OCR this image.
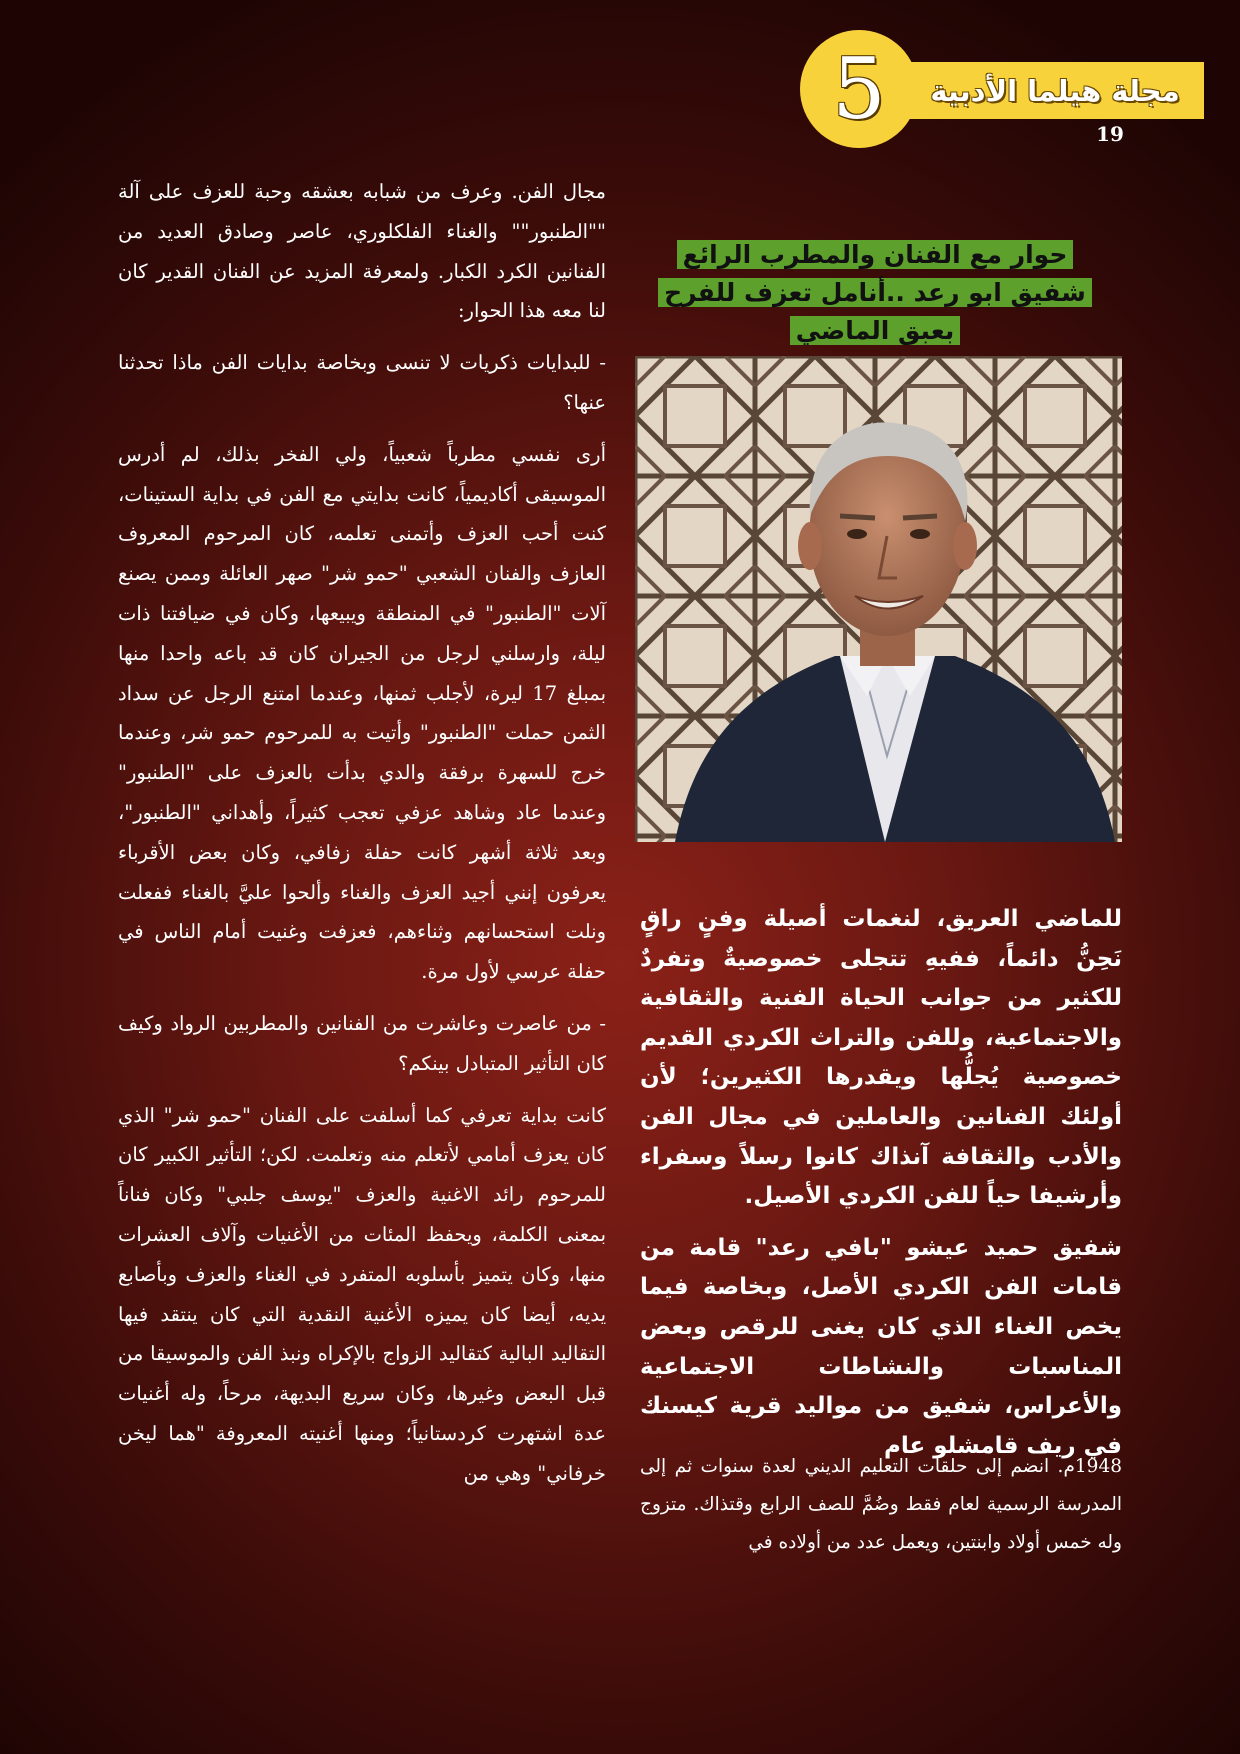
مجلة هيلما الأدبية
5	19
حوار مع الفنان والمطرب الرائع
شفيق ابو رعد ..أنامل تعزف للفرح
بعبق الماضي

مجال الفن. وعرف من شبابه بعشقه وحبة للعزف على آلة ""الطنبور"" والغناء الفلكلوري، عاصر وصادق العديد من الفنانين الكرد الكبار. ولمعرفة المزيد عن الفنان القدير كان لنا معه هذا الحوار:

- للبدايات ذكريات لا تنسى وبخاصة بدايات الفن ماذا تحدثنا عنها؟

أرى نفسي مطرباً شعبياً، ولي الفخر بذلك، لم أدرس الموسيقى أكاديمياً، كانت بدايتي مع الفن في بداية الستينات، كنت أحب العزف وأتمنى تعلمه، كان المرحوم المعروف العازف والفنان الشعبي "حمو شر" صهر العائلة وممن يصنع آلات "الطنبور" في المنطقة ويبيعها، وكان في ضيافتنا ذات ليلة، وارسلني لرجل من الجيران كان قد باعه واحدا منها بمبلغ 17 ليرة، لأجلب ثمنها، وعندما امتنع الرجل عن سداد الثمن حملت "الطنبور" وأتيت به للمرحوم حمو شر، وعندما خرج للسهرة برفقة والدي بدأت بالعزف على "الطنبور" وعندما عاد وشاهد عزفي تعجب كثيراً، وأهداني "الطنبور"، وبعد ثلاثة أشهر كانت حفلة زفافي، وكان بعض الأقرباء يعرفون إنني أجيد العزف والغناء وألحوا عليَّ بالغناء ففعلت ونلت استحسانهم وثناءهم، فعزفت وغنيت أمام الناس في حفلة عرسي لأول مرة.

- من عاصرت وعاشرت من الفنانين والمطربين الرواد وكيف كان التأثير المتبادل بينكم؟

كانت بداية تعرفي كما أسلفت على الفنان "حمو شر" الذي كان يعزف أمامي لأتعلم منه وتعلمت. لكن؛ التأثير الكبير كان للمرحوم رائد الاغنية والعزف "يوسف جلبي" وكان فناناً بمعنى الكلمة، ويحفظ المئات من الأغنيات وآلاف العشرات منها، وكان يتميز بأسلوبه المتفرد في الغناء والعزف وبأصابع يديه، أيضا كان يميزه الأغنية النقدية التي كان ينتقد فيها التقاليد البالية كتقاليد الزواج بالإكراه ونبذ الفن والموسيقا من قبل البعض وغيرها، وكان سريع البديهة، مرحاً، وله أغنيات عدة اشتهرت كردستانياً؛ ومنها أغنيته المعروفة "هما ليخن خرفاني" وهي من

للماضي العريق، لنغمات أصيلة وفنٍ راقٍ نَحِنُّ دائماً، ففيهِ تتجلى خصوصيةٌ وتفردٌ للكثير من جوانب الحياة الفنية والثقافية والاجتماعية، وللفن والتراث الكردي القديم خصوصية يُجلُّها ويقدرها الكثيرين؛ لأن أولئك الفنانين والعاملين في مجال الفن والأدب والثقافة آنذاك كانوا رسلاً وسفراء وأرشيفا حياً للفن الكردي الأصيل.

شفيق حميد عيشو "بافي رعد" قامة من قامات الفن الكردي الأصل، وبخاصة فيما يخص الغناء الذي كان يغنى للرقص وبعض المناسبات والنشاطات الاجتماعية والأعراس، شفيق من مواليد قرية كيسنك في ريف قامشلو عام

1948م. انضم إلى حلقات التعليم الديني لعدة سنوات ثم إلى المدرسة الرسمية لعام فقط وضُمَّ للصف الرابع وقتذاك. متزوج وله خمس أولاد وابنتين، ويعمل عدد من أولاده في
